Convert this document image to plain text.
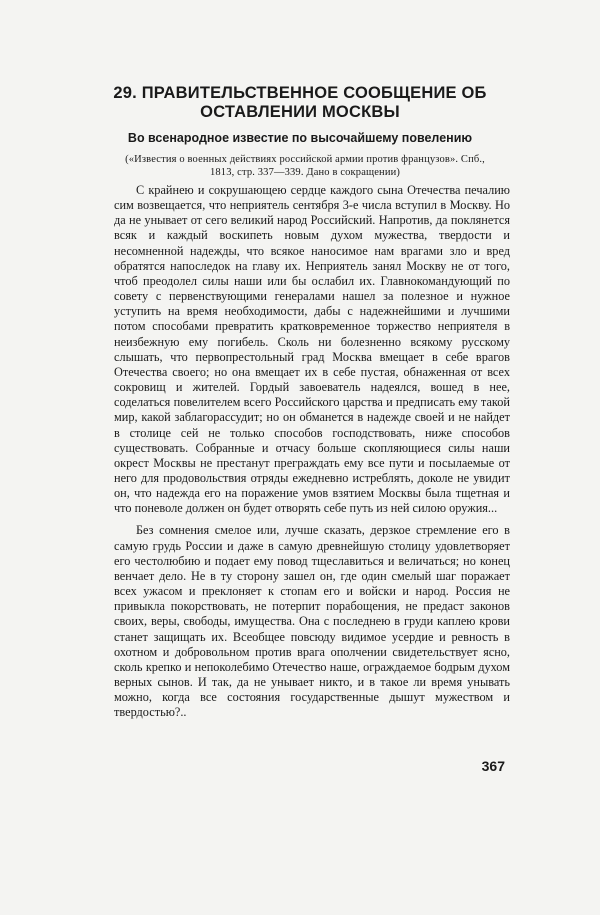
29. ПРАВИТЕЛЬСТВЕННОЕ СООБЩЕНИЕ ОБ ОСТАВЛЕНИИ МОСКВЫ
Во всенародное известие по высочайшему повелению
(«Известия о военных действиях российской армии против французов». Спб., 1813, стр. 337—339. Дано в сокращении)

С крайнею и сокрушающею сердце каждого сына Отечества печалию сим возвещается, что неприятель сентября 3-е числа вступил в Москву. Но да не унывает от сего великий народ Российский. Напротив, да поклянется всяк и каждый воскипеть новым духом мужества, твердости и несомненной надежды, что всякое наносимое нам врагами зло и вред обратятся напоследок на главу их. Неприятель занял Москву не от того, чтоб преодолел силы наши или бы ослабил их. Главнокомандующий по совету с первенствующими генералами нашел за полезное и нужное уступить на время необходимости, дабы с надежнейшими и лучшими потом способами превратить кратковременное торжество неприятеля в неизбежную ему погибель. Сколь ни болезненно всякому русскому слышать, что первопрестольный град Москва вмещает в себе врагов Отечества своего; но она вмещает их в себе пустая, обнаженная от всех сокровищ и жителей. Гордый завоеватель надеялся, вошед в нее, соделаться повелителем всего Российского царства и предписать ему такой мир, какой заблагорассудит; но он обманется в надежде своей и не найдет в столице сей не только способов господствовать, ниже способов существовать. Собранные и отчасу больше скопляющиеся силы наши окрест Москвы не престанут преграждать ему все пути и посылаемые от него для продовольствия отряды ежедневно истреблять, доколе не увидит он, что надежда его на поражение умов взятием Москвы была тщетная и что поневоле должен он будет отворять себе путь из ней силою оружия...

Без сомнения смелое или, лучше сказать, дерзкое стремление его в самую грудь России и даже в самую древнейшую столицу удовлетворяет его честолюбию и подает ему повод тщеславиться и величаться; но конец венчает дело. Не в ту сторону зашел он, где один смелый шаг поражает всех ужасом и преклоняет к стопам его и войски и народ. Россия не привыкла покорствовать, не потерпит порабощения, не предаст законов своих, веры, свободы, имущества. Она с последнею в груди каплею крови станет защищать их. Всеобщее повсюду видимое усердие и ревность в охотном и добровольном против врага ополчении свидетельствует ясно, сколь крепко и непоколебимо Отечество наше, ограждаемое бодрым духом верных сынов. И так, да не унывает никто, и в такое ли время унывать можно, когда все состояния государственные дышут мужеством и твердостью?..

367
